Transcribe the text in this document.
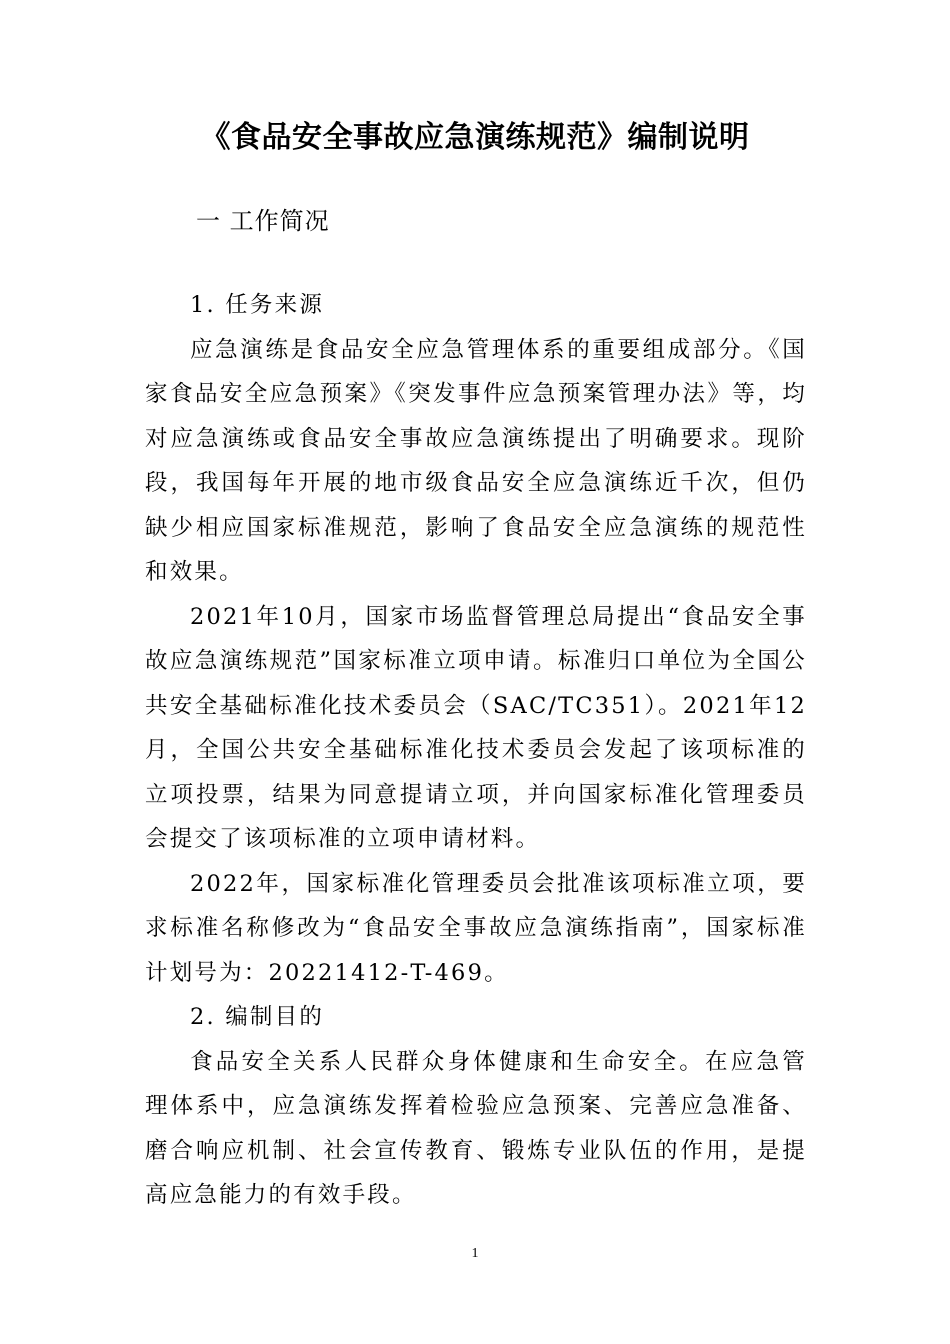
《食品安全事故应急演练规范》编制说明
一 工作简况

1. 任务来源

应急演练是食品安全应急管理体系的重要组成部分。《国家食品安全应急预案》《突发事件应急预案管理办法》等，均对应急演练或食品安全事故应急演练提出了明确要求。现阶段，我国每年开展的地市级食品安全应急演练近千次，但仍缺少相应国家标准规范，影响了食品安全应急演练的规范性和效果。

2021年10月，国家市场监督管理总局提出“食品安全事故应急演练规范”国家标准立项申请。标准归口单位为全国公共安全基础标准化技术委员会（SAC/TC351）。2021年12月，全国公共安全基础标准化技术委员会发起了该项标准的立项投票，结果为同意提请立项，并向国家标准化管理委员会提交了该项标准的立项申请材料。

2022年，国家标准化管理委员会批准该项标准立项，要求标准名称修改为“食品安全事故应急演练指南”，国家标准计划号为：20221412-T-469。

2. 编制目的

食品安全关系人民群众身体健康和生命安全。在应急管理体系中，应急演练发挥着检验应急预案、完善应急准备、磨合响应机制、社会宣传教育、锻炼专业队伍的作用，是提高应急能力的有效手段。

1
